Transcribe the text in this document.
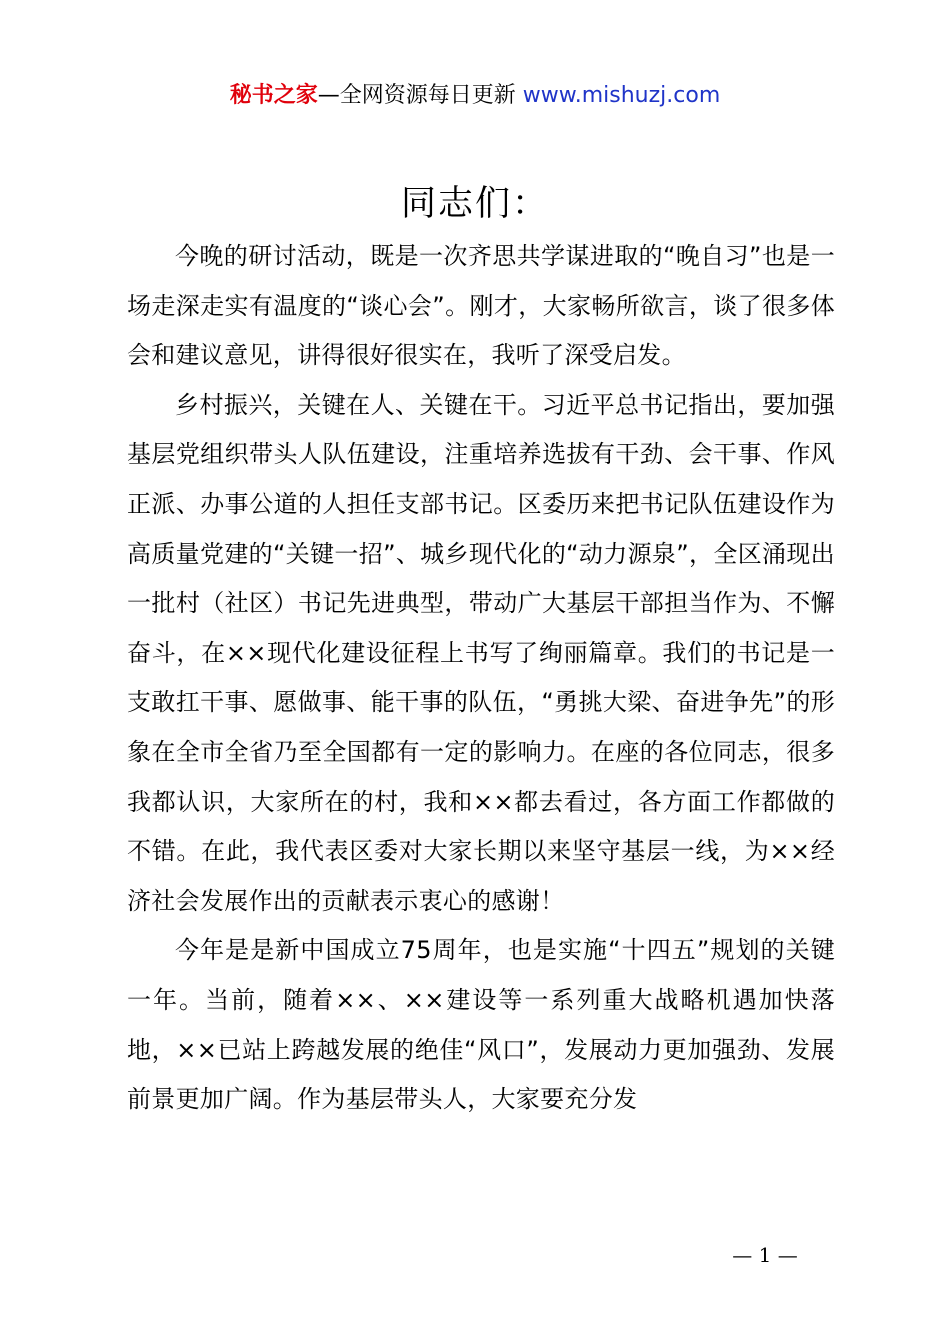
秘书之家—全网资源每日更新 www.mishuzj.com
同志们：

今晚的研讨活动，既是一次齐思共学谋进取的“晚自习”也是一场走深走实有温度的“谈心会”。刚才，大家畅所欲言，谈了很多体会和建议意见，讲得很好很实在，我听了深受启发。

乡村振兴，关键在人、关键在干。习近平总书记指出，要加强基层党组织带头人队伍建设，注重培养选拔有干劲、会干事、作风正派、办事公道的人担任支部书记。区委历来把书记队伍建设作为高质量党建的“关键一招”、城乡现代化的“动力源泉”，全区涌现出一批村（社区）书记先进典型，带动广大基层干部担当作为、不懈奋斗，在××现代化建设征程上书写了绚丽篇章。我们的书记是一支敢扛干事、愿做事、能干事的队伍，“勇挑大梁、奋进争先”的形象在全市全省乃至全国都有一定的影响力。在座的各位同志，很多我都认识，大家所在的村，我和××都去看过，各方面工作都做的不错。在此，我代表区委对大家长期以来坚守基层一线，为××经济社会发展作出的贡献表示衷心的感谢！

今年是是新中国成立75周年，也是实施“十四五”规划的关键一年。当前，随着××、××建设等一系列重大战略机遇加快落地，××已站上跨越发展的绝佳“风口”，发展动力更加强劲、发展前景更加广阔。作为基层带头人，大家要充分发

— 1 —
